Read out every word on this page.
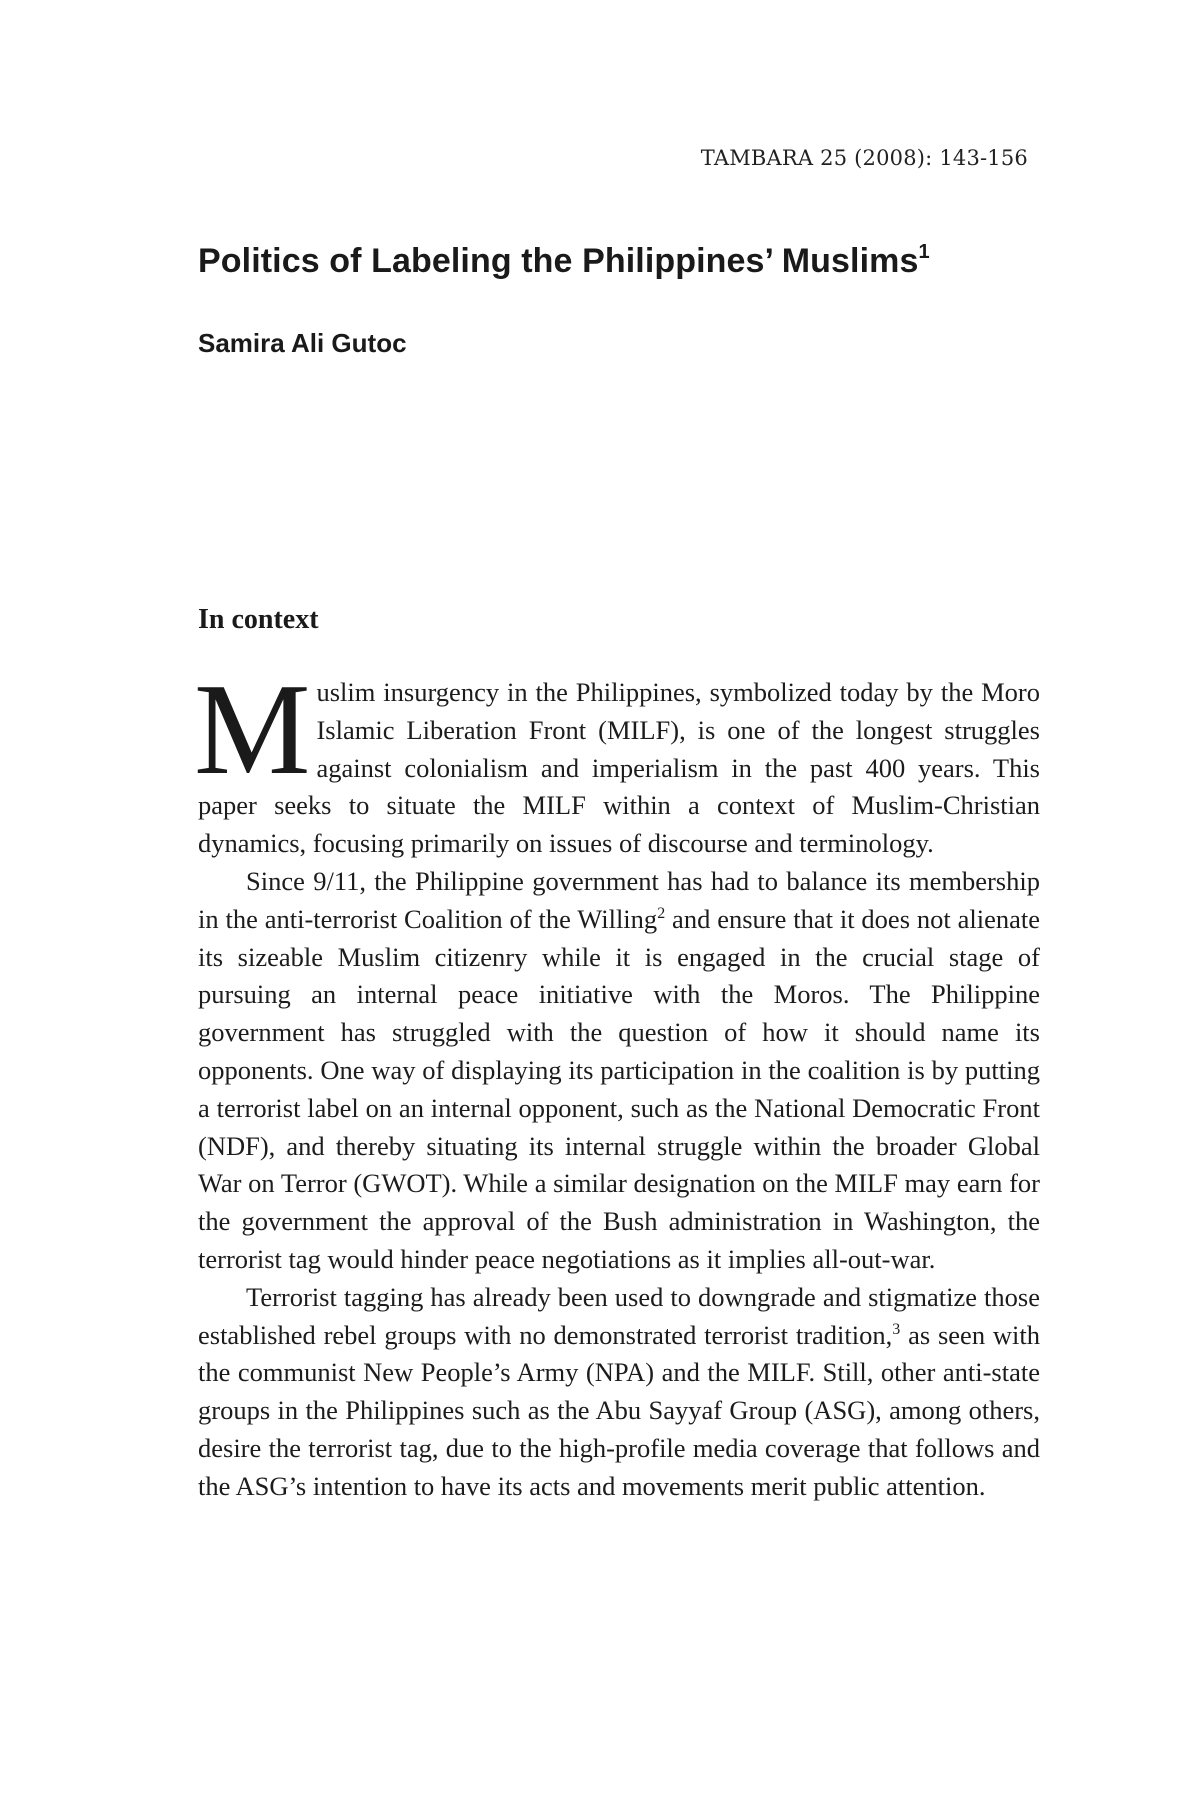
TAMBARA 25 (2008): 143-156
Politics of Labeling the Philippines’ Muslims$^1$
Samira Ali Gutoc
In context

Muslim insurgency in the Philippines, symbolized today by the Moro Islamic Liberation Front (MILF), is one of the longest struggles against colonialism and imperialism in the past 400 years. This paper seeks to situate the MILF within a context of Muslim-Christian dynamics, focusing primarily on issues of discourse and terminology.

Since 9/11, the Philippine government has had to balance its membership in the anti-terrorist Coalition of the Willing$^2$ and ensure that it does not alienate its sizeable Muslim citizenry while it is engaged in the crucial stage of pursuing an internal peace initiative with the Moros. The Philippine government has struggled with the question of how it should name its opponents. One way of displaying its participation in the coalition is by putting a terrorist label on an internal opponent, such as the National Democratic Front (NDF), and thereby situating its internal struggle within the broader Global War on Terror (GWOT). While a similar designation on the MILF may earn for the government the approval of the Bush administration in Washington, the terrorist tag would hinder peace negotiations as it implies all-out-war.

Terrorist tagging has already been used to downgrade and stigmatize those established rebel groups with no demonstrated terrorist tradition,$^3$ as seen with the communist New People’s Army (NPA) and the MILF. Still, other anti-state groups in the Philippines such as the Abu Sayyaf Group (ASG), among others, desire the terrorist tag, due to the high-profile media coverage that follows and the ASG’s intention to have its acts and movements merit public attention.
